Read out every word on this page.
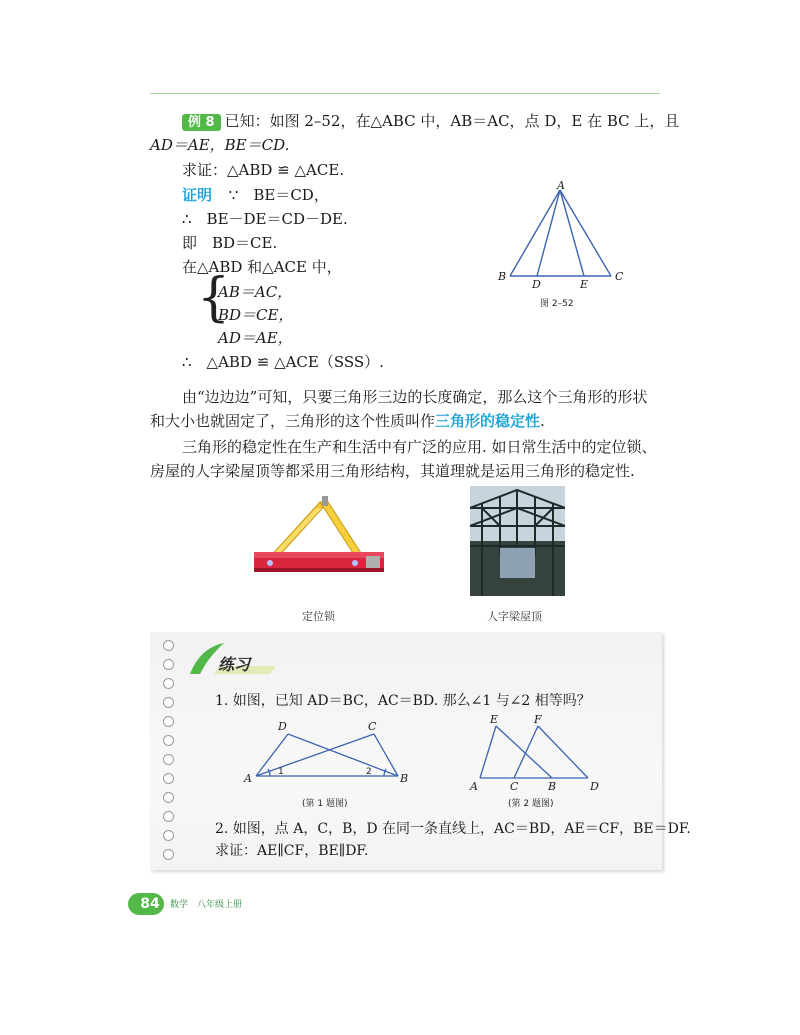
例 8 已知：如图 2–52，在△ABC 中，AB＝AC，点 D，E 在 BC 上，且
AD＝AE，BE＝CD.
求证：△ABD ≌ △ACE.
证明 ∵　BE＝CD，
∴　BE－DE＝CD－DE.
即　BD＝CE.
在△ABD 和△ACE 中，
{
AB＝AC，
BD＝CE，
AD＝AE，
∴　△ABD ≌ △ACE（SSS）.
A
B	C
D	E
图 2–52
由“边边边”可知，只要三角形三边的长度确定，那么这个三角形的形状
和大小也就固定了，三角形的这个性质叫作三角形的稳定性.
三角形的稳定性在生产和生活中有广泛的应用. 如日常生活中的定位锁、
房屋的人字梁屋顶等都采用三角形结构，其道理就是运用三角形的稳定性.
定位锁	人字梁屋顶
练习
1. 如图，已知 AD＝BC，AC＝BD. 那么∠1 与∠2 相等吗？
A	B
C
D
1	2
(第 1 题图)
A	C	B	D
E	F
(第 2 题图)
2. 如图，点 A，C，B，D 在同一条直线上，AC＝BD，AE＝CF，BE＝DF.
求证：AE∥CF，BE∥DF.
84	数学　八年级上册
